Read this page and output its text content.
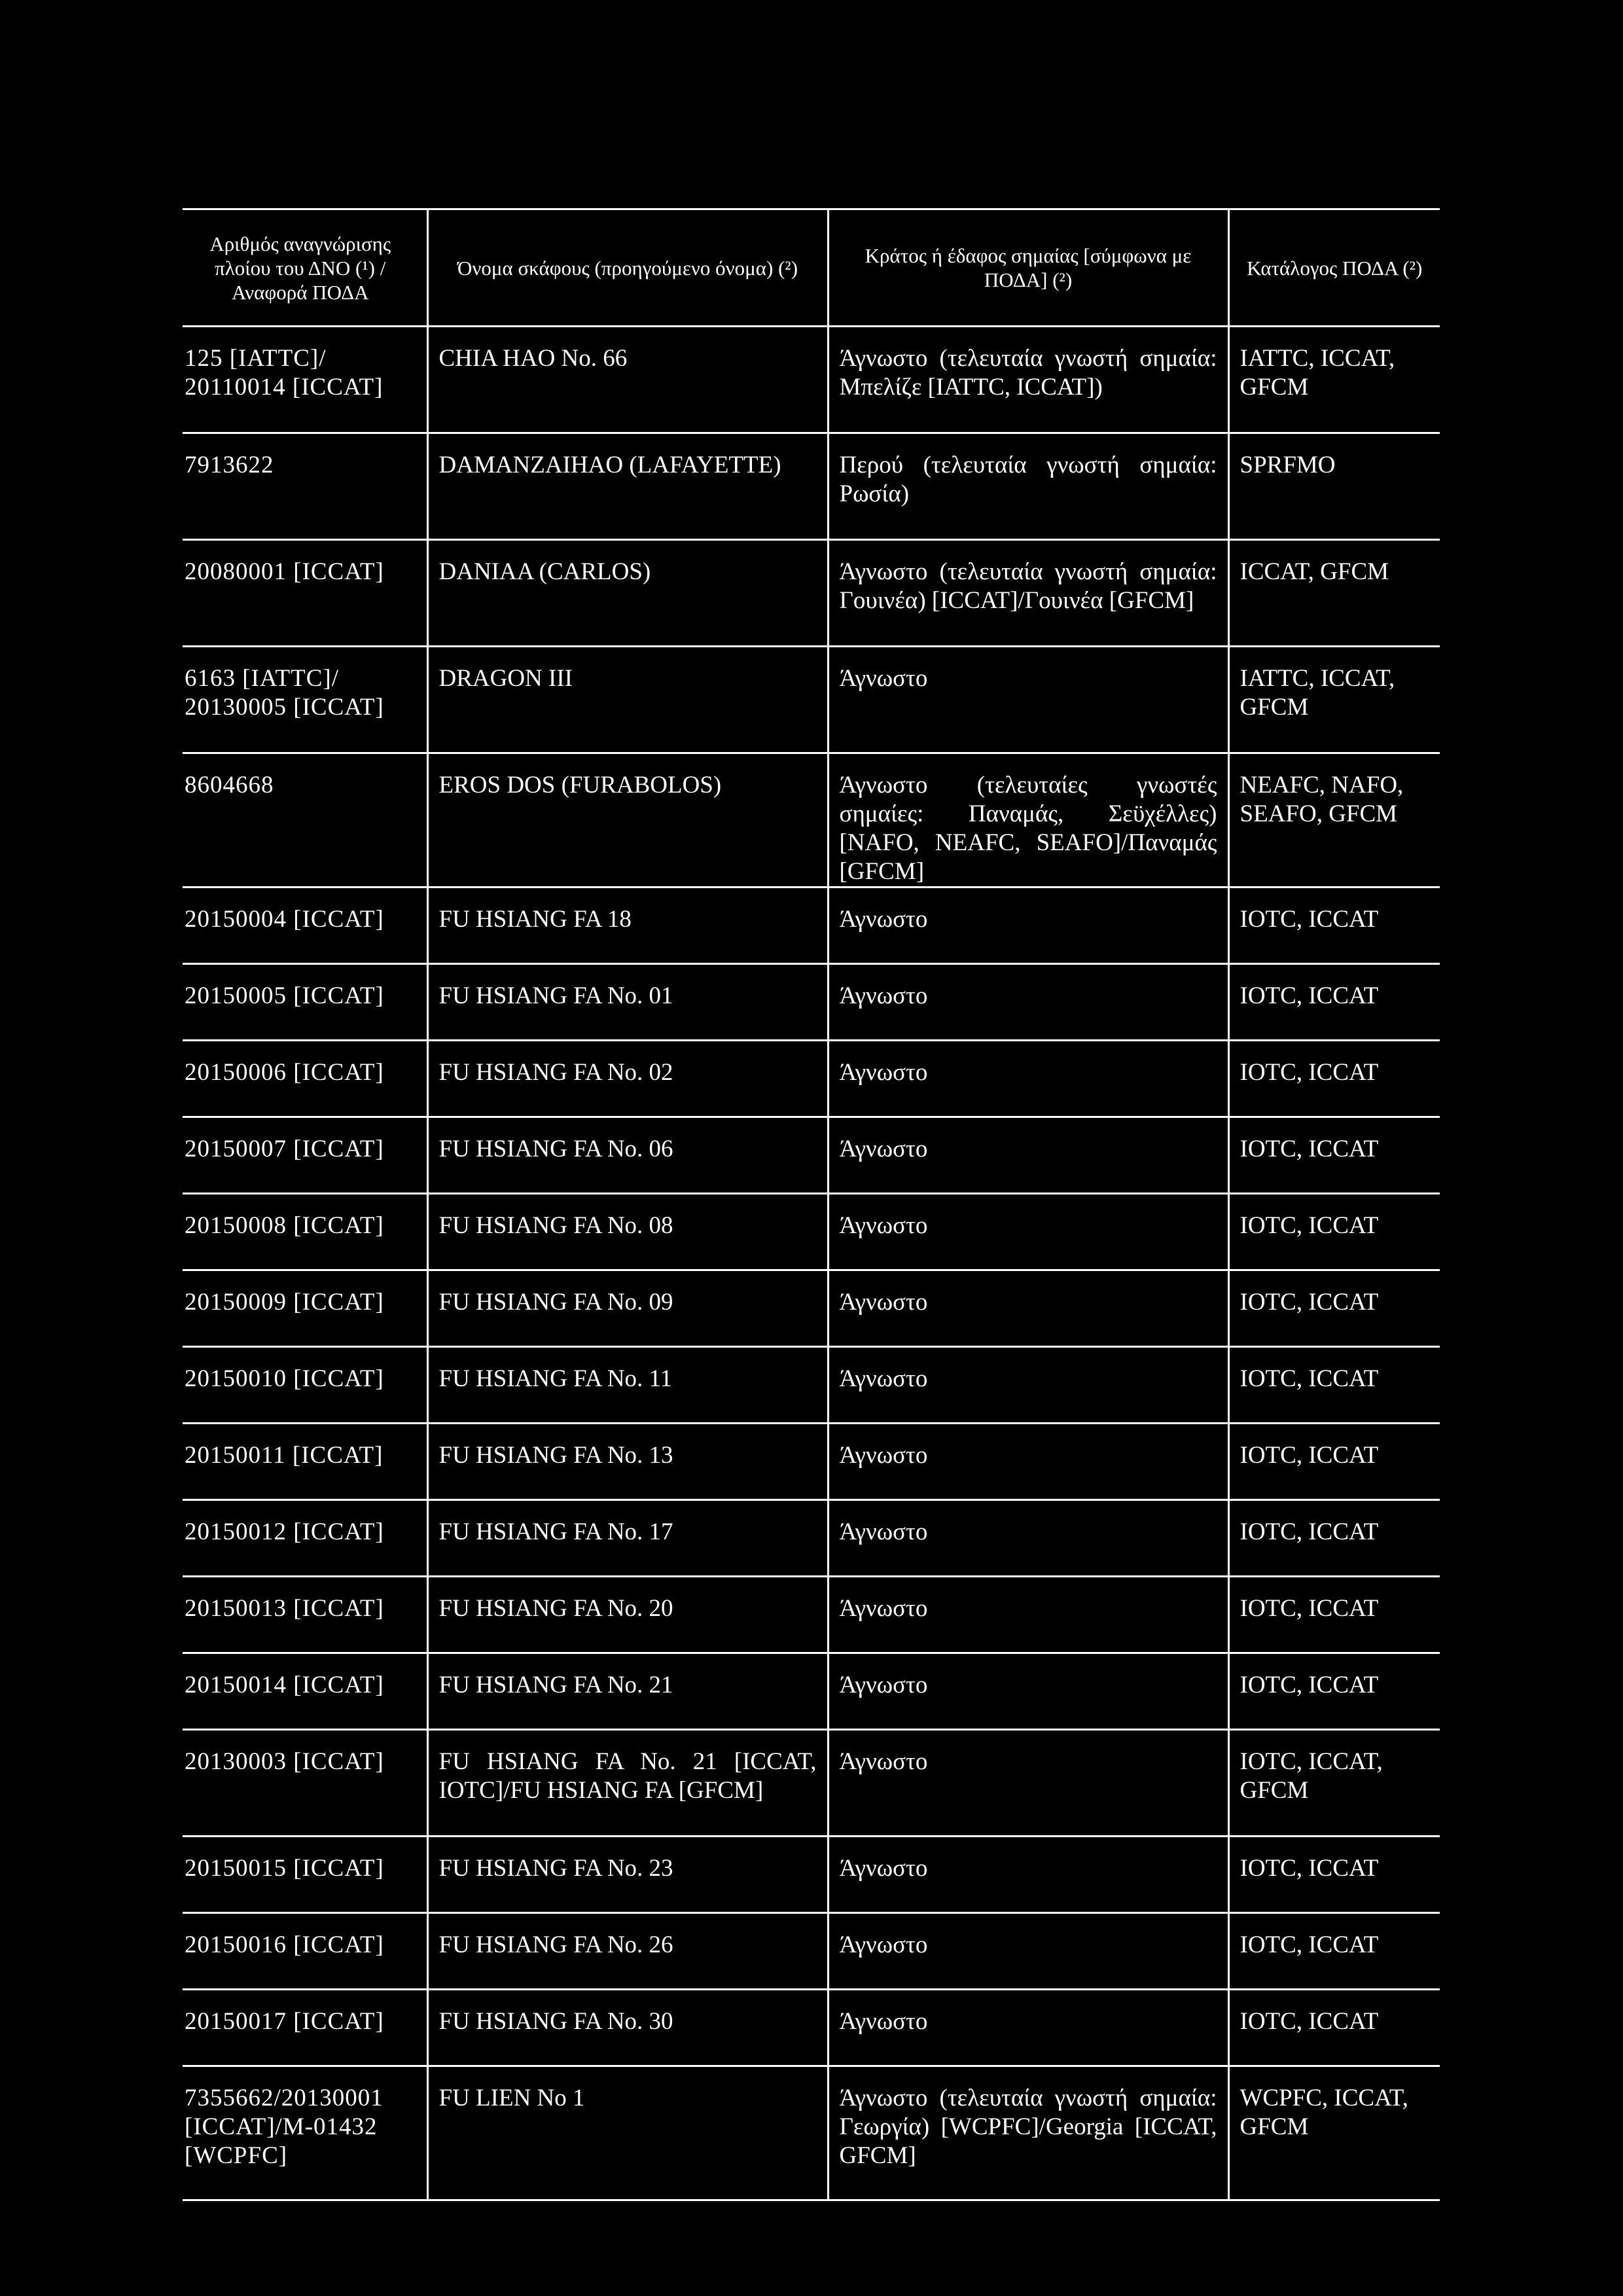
Αριθμός αναγνώρισης πλοίου του ΔΝΟ (¹) / Αναφορά ΠΟΔΑ	Όνομα σκάφους (προηγούμενο όνομα) (²)	Κράτος ή έδαφος σημαίας [σύμφωνα με ΠΟΔΑ] (²)	Κατάλογος ΠΟΔΑ (²)
125 [IATTC]/ 20110014 [ICCAT]	CHIA HAO No. 66	Άγνωστο (τελευταία γνωστή σημαία: Μπελίζε [IATTC, ICCAT])	IATTC, ICCAT, GFCM
7913622	DAMANZAIHAO (LAFAYETTE)	Περού (τελευταία γνωστή σημαία: Ρωσία)	SPRFMO
20080001 [ICCAT]	DANIAA (CARLOS)	Άγνωστο (τελευταία γνωστή σημαία: Γουινέα) [ICCAT]/Γουινέα [GFCM]	ICCAT, GFCM
6163 [IATTC]/ 20130005 [ICCAT]	DRAGON III	Άγνωστο	IATTC, ICCAT, GFCM
8604668	EROS DOS (FURABOLOS)	Άγνωστο (τελευταίες γνωστές σημαίες: Παναμάς, Σεϋχέλλες) [NAFO, NEAFC, SEAFO]/Παναμάς [GFCM]	NEAFC, NAFO, SEAFO, GFCM
20150004 [ICCAT]	FU HSIANG FA 18	Άγνωστο	IOTC, ICCAT
20150005 [ICCAT]	FU HSIANG FA No. 01	Άγνωστο	IOTC, ICCAT
20150006 [ICCAT]	FU HSIANG FA No. 02	Άγνωστο	IOTC, ICCAT
20150007 [ICCAT]	FU HSIANG FA No. 06	Άγνωστο	IOTC, ICCAT
20150008 [ICCAT]	FU HSIANG FA No. 08	Άγνωστο	IOTC, ICCAT
20150009 [ICCAT]	FU HSIANG FA No. 09	Άγνωστο	IOTC, ICCAT
20150010 [ICCAT]	FU HSIANG FA No. 11	Άγνωστο	IOTC, ICCAT
20150011 [ICCAT]	FU HSIANG FA No. 13	Άγνωστο	IOTC, ICCAT
20150012 [ICCAT]	FU HSIANG FA No. 17	Άγνωστο	IOTC, ICCAT
20150013 [ICCAT]	FU HSIANG FA No. 20	Άγνωστο	IOTC, ICCAT
20150014 [ICCAT]	FU HSIANG FA No. 21	Άγνωστο	IOTC, ICCAT
20130003 [ICCAT]	FU HSIANG FA No. 21 [ICCAT, IOTC]/FU HSIANG FA [GFCM]	Άγνωστο	IOTC, ICCAT, GFCM
20150015 [ICCAT]	FU HSIANG FA No. 23	Άγνωστο	IOTC, ICCAT
20150016 [ICCAT]	FU HSIANG FA No. 26	Άγνωστο	IOTC, ICCAT
20150017 [ICCAT]	FU HSIANG FA No. 30	Άγνωστο	IOTC, ICCAT
7355662/20130001 [ICCAT]/M-01432 [WCPFC]	FU LIEN No 1	Άγνωστο (τελευταία γνωστή σημαία: Γεωργία) [WCPFC]/Georgia [ICCAT, GFCM]	WCPFC, ICCAT, GFCM
